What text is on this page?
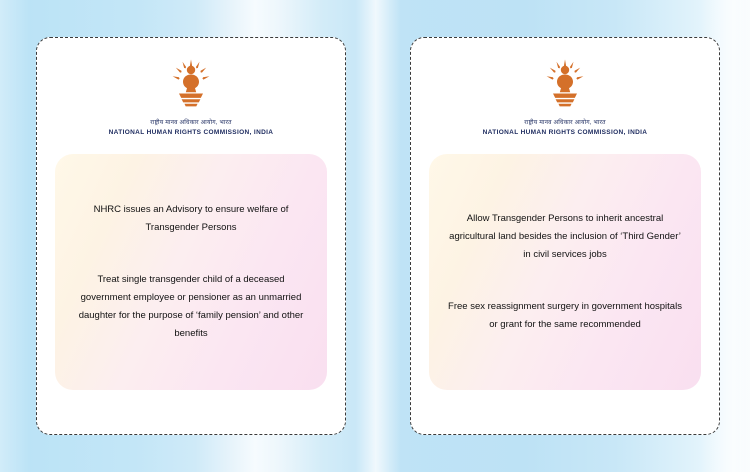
राष्ट्रीय मानव अधिकार आयोग, भारत
NATIONAL HUMAN RIGHTS COMMISSION, INDIA

NHRC issues an Advisory to ensure welfare of Transgender Persons

Treat single transgender child of a deceased government employee or pensioner as an unmarried daughter for the purpose of ‘family pension’ and other benefits

राष्ट्रीय मानव अधिकार आयोग, भारत
NATIONAL HUMAN RIGHTS COMMISSION, INDIA

Allow Transgender Persons to inherit ancestral agricultural land besides the inclusion of ‘Third Gender’ in civil services jobs

Free sex reassignment surgery in government hospitals or grant for the same recommended
